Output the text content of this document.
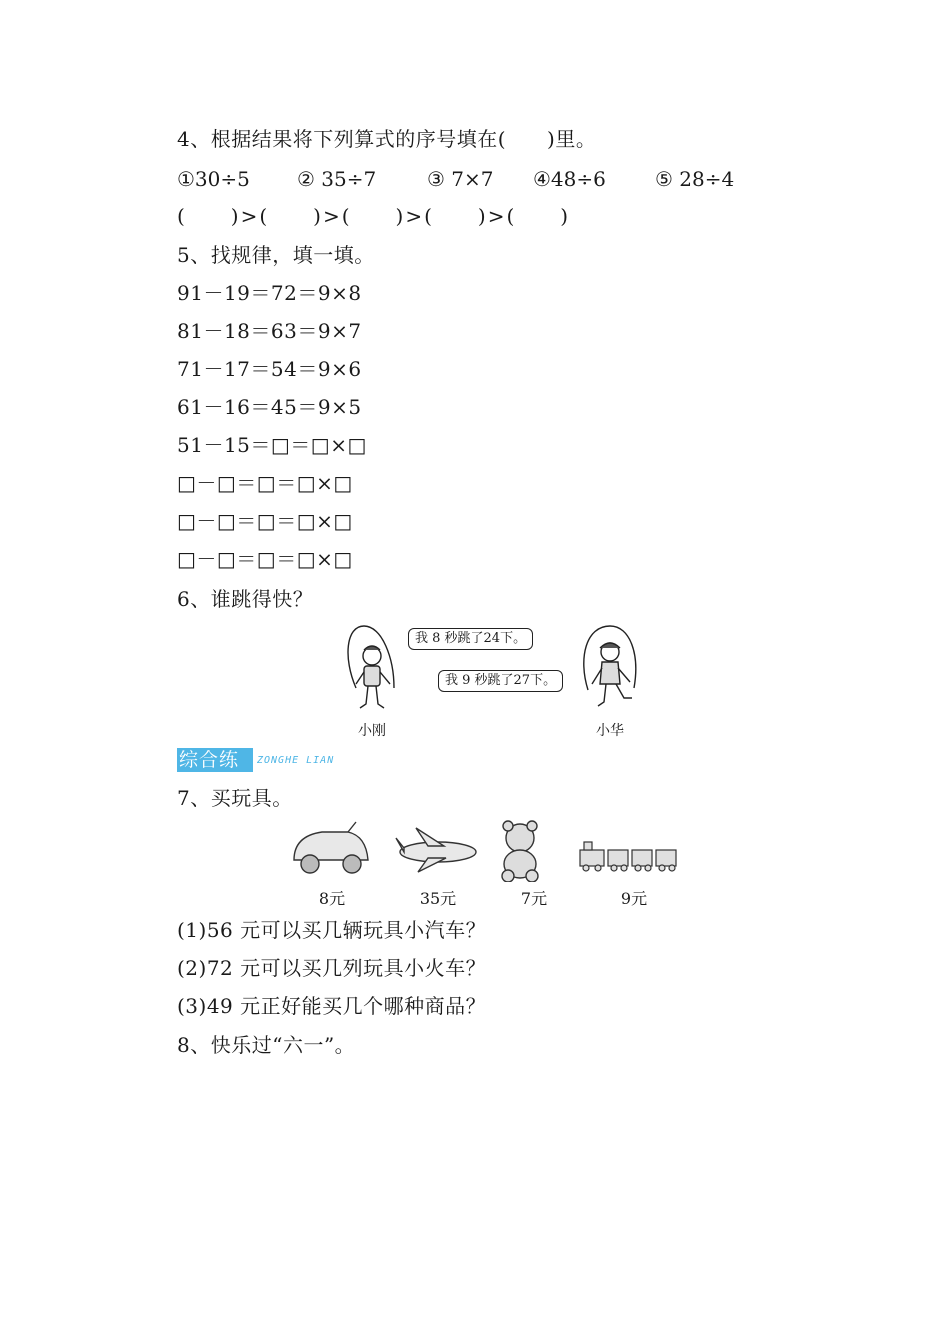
4、根据结果将下列算式的序号填在(　　)里。
①30÷5 ② 35÷7	③ 7×7 ④48÷6 ⑤ 28÷4
(　　)>(　　)>(　　)>(　　)>(　　)
5、找规律，填一填。
91－19＝72＝9×8
81－18＝63＝9×7
71－17＝54＝9×6
61－16＝45＝9×5
51－15＝□＝□×□
□－□＝□＝□×□
□－□＝□＝□×□
□－□＝□＝□×□
6、谁跳得快？
我 8 秒跳了24下。
我 9 秒跳了27下。
小刚	小华
综合练 ZONGHE LIAN
7、买玩具。
8元	35元	7元	9元
(1)56 元可以买几辆玩具小汽车？
(2)72 元可以买几列玩具小火车？
(3)49 元正好能买几个哪种商品？
8、快乐过“六一”。
